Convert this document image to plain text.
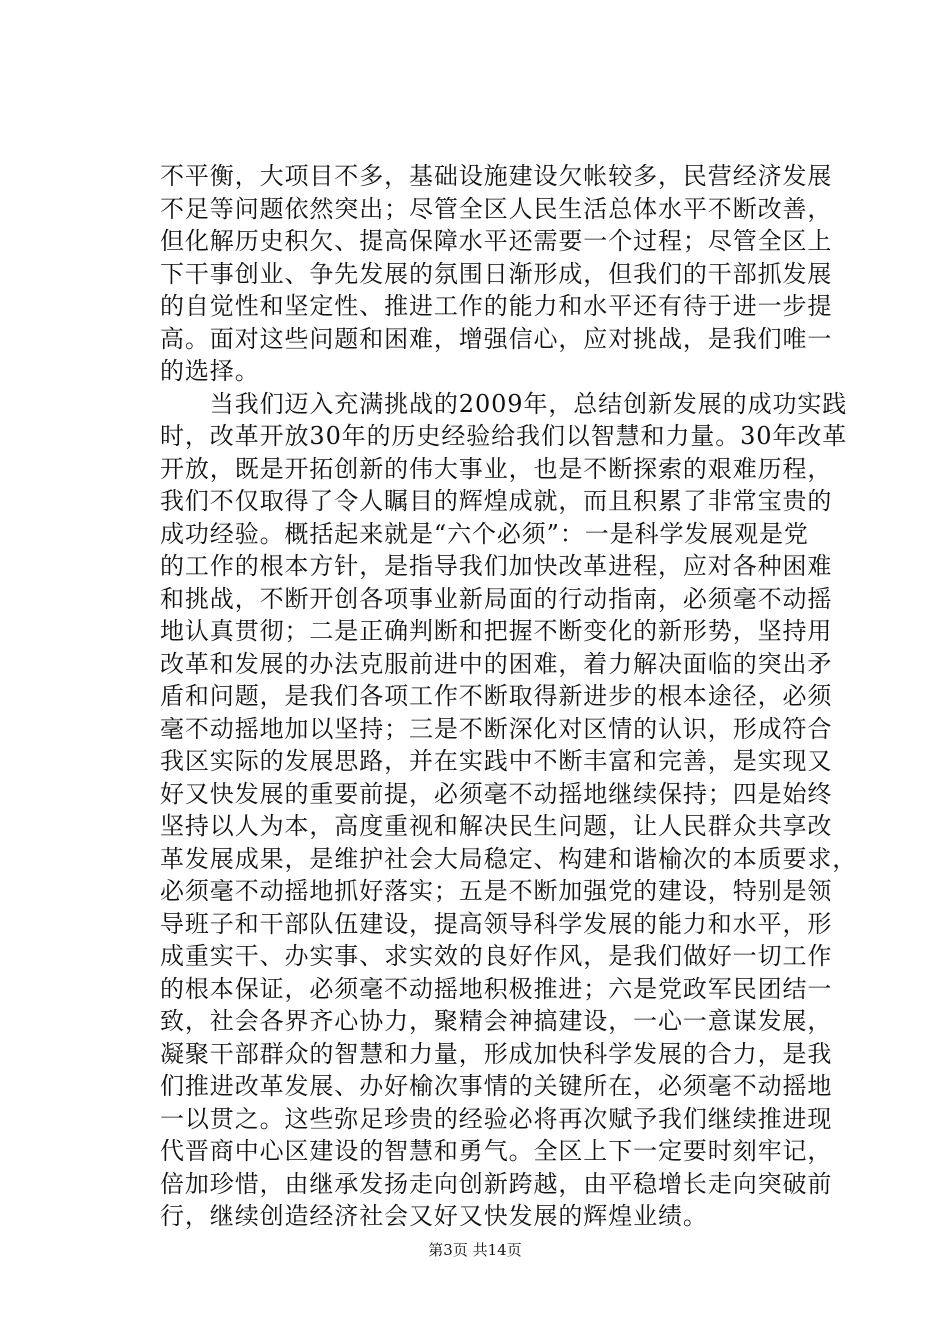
不平衡，大项目不多，基础设施建设欠帐较多，民营经济发展
不足等问题依然突出；尽管全区人民生活总体水平不断改善，
但化解历史积欠、提高保障水平还需要一个过程；尽管全区上
下干事创业、争先发展的氛围日渐形成，但我们的干部抓发展
的自觉性和坚定性、推进工作的能力和水平还有待于进一步提
高。面对这些问题和困难，增强信心，应对挑战，是我们唯一
的选择。
　　当我们迈入充满挑战的2009年，总结创新发展的成功实践
时，改革开放30年的历史经验给我们以智慧和力量。30年改革
开放，既是开拓创新的伟大事业，也是不断探索的艰难历程，
我们不仅取得了令人瞩目的辉煌成就，而且积累了非常宝贵的
成功经验。概括起来就是“六个必须”：一是科学发展观是党
的工作的根本方针，是指导我们加快改革进程，应对各种困难
和挑战，不断开创各项事业新局面的行动指南，必须毫不动摇
地认真贯彻；二是正确判断和把握不断变化的新形势，坚持用
改革和发展的办法克服前进中的困难，着力解决面临的突出矛
盾和问题，是我们各项工作不断取得新进步的根本途径，必须
毫不动摇地加以坚持；三是不断深化对区情的认识，形成符合
我区实际的发展思路，并在实践中不断丰富和完善，是实现又
好又快发展的重要前提，必须毫不动摇地继续保持；四是始终
坚持以人为本，高度重视和解决民生问题，让人民群众共享改
革发展成果，是维护社会大局稳定、构建和谐榆次的本质要求，
必须毫不动摇地抓好落实；五是不断加强党的建设，特别是领
导班子和干部队伍建设，提高领导科学发展的能力和水平，形
成重实干、办实事、求实效的良好作风，是我们做好一切工作
的根本保证，必须毫不动摇地积极推进；六是党政军民团结一
致，社会各界齐心协力，聚精会神搞建设，一心一意谋发展，
凝聚干部群众的智慧和力量，形成加快科学发展的合力，是我
们推进改革发展、办好榆次事情的关键所在，必须毫不动摇地
一以贯之。这些弥足珍贵的经验必将再次赋予我们继续推进现
代晋商中心区建设的智慧和勇气。全区上下一定要时刻牢记，
倍加珍惜，由继承发扬走向创新跨越，由平稳增长走向突破前
行，继续创造经济社会又好又快发展的辉煌业绩。
第3页 共14页
